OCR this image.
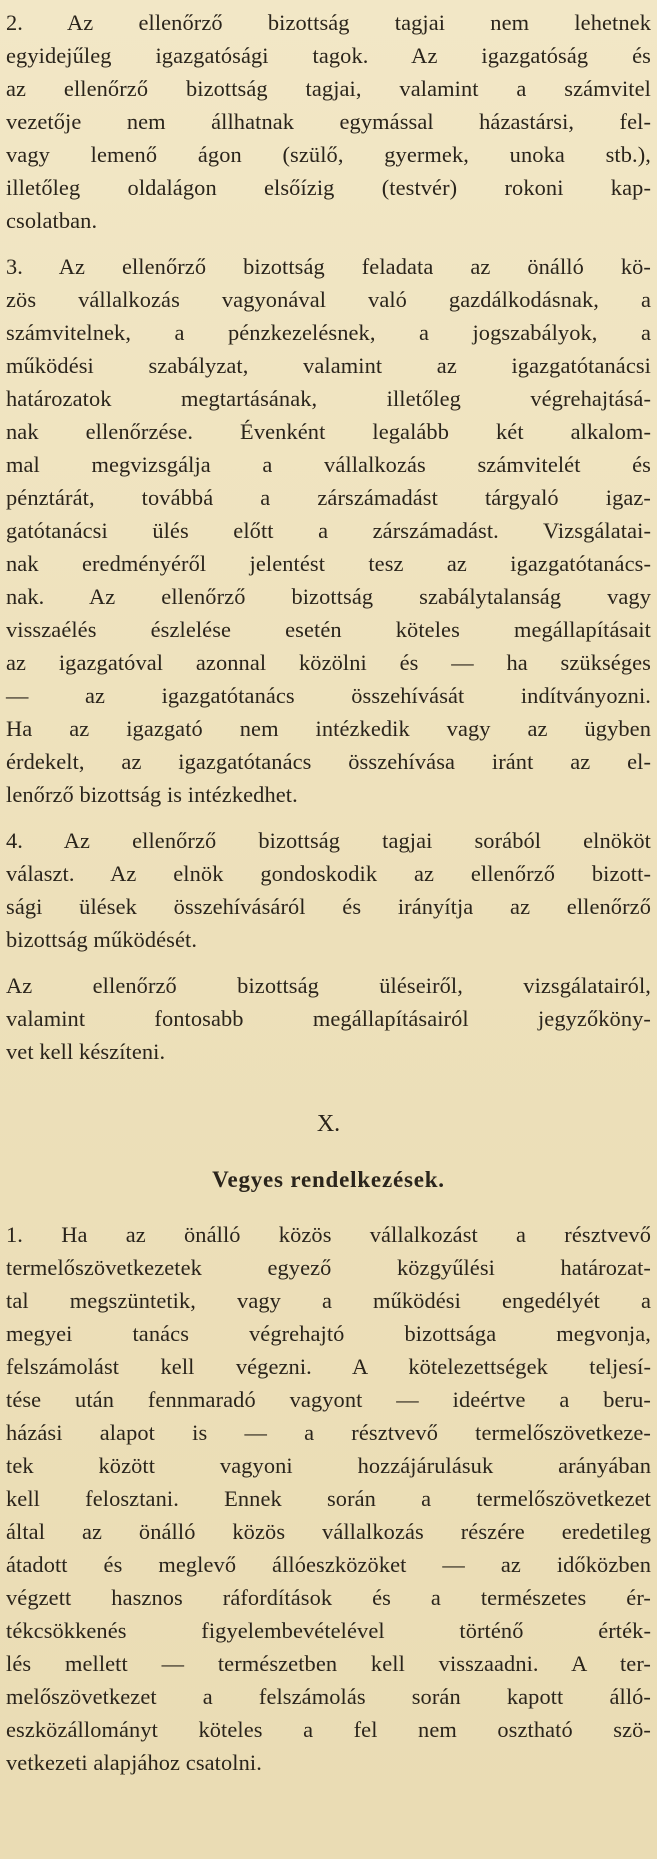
2. Az ellenőrző bizottság tagjai nem lehetnek
egyidejűleg igazgatósági tagok. Az igazgatóság és
az ellenőrző bizottság tagjai, valamint a számvitel
vezetője nem állhatnak egymással házastársi, fel-
vagy lemenő ágon (szülő, gyermek, unoka stb.),
illetőleg oldalágon elsőízig (testvér) rokoni kap-
csolatban.

3. Az ellenőrző bizottság feladata az önálló kö-
zös vállalkozás vagyonával való gazdálkodásnak, a
számvitelnek, a pénzkezelésnek, a jogszabályok, a
működési szabályzat, valamint az igazgatótanácsi
határozatok megtartásának, illetőleg végrehajtásá-
nak ellenőrzése. Évenként legalább két alkalom-
mal megvizsgálja a vállalkozás számvitelét és
pénztárát, továbbá a zárszámadást tárgyaló igaz-
gatótanácsi ülés előtt a zárszámadást. Vizsgálatai-
nak eredményéről jelentést tesz az igazgatótanács-
nak. Az ellenőrző bizottság szabálytalanság vagy
visszaélés észlelése esetén köteles megállapításait
az igazgatóval azonnal közölni és — ha szükséges
— az igazgatótanács összehívását indítványozni.
Ha az igazgató nem intézkedik vagy az ügyben
érdekelt, az igazgatótanács összehívása iránt az el-
lenőrző bizottság is intézkedhet.

4. Az ellenőrző bizottság tagjai sorából elnököt
választ. Az elnök gondoskodik az ellenőrző bizott-
sági ülések összehívásáról és irányítja az ellenőrző
bizottság működését.

Az ellenőrző bizottság üléseiről, vizsgálatairól,
valamint fontosabb megállapításairól jegyzőköny-
vet kell készíteni.

X.

Vegyes rendelkezések.

1. Ha az önálló közös vállalkozást a résztvevő
termelőszövetkezetek egyező közgyűlési határozat-
tal megszüntetik, vagy a működési engedélyét a
megyei tanács végrehajtó bizottsága megvonja,
felszámolást kell végezni. A kötelezettségek teljesí-
tése után fennmaradó vagyont — ideértve a beru-
házási alapot is — a résztvevő termelőszövetkeze-
tek között vagyoni hozzájárulásuk arányában
kell felosztani. Ennek során a termelőszövetkezet
által az önálló közös vállalkozás részére eredetileg
átadott és meglevő állóeszközöket — az időközben
végzett hasznos ráfordítások és a természetes ér-
tékcsökkenés figyelembevételével történő érték-
lés mellett — természetben kell visszaadni. A ter-
melőszövetkezet a felszámolás során kapott álló-
eszközállományt köteles a fel nem osztható szö-
vetkezeti alapjához csatolni.
